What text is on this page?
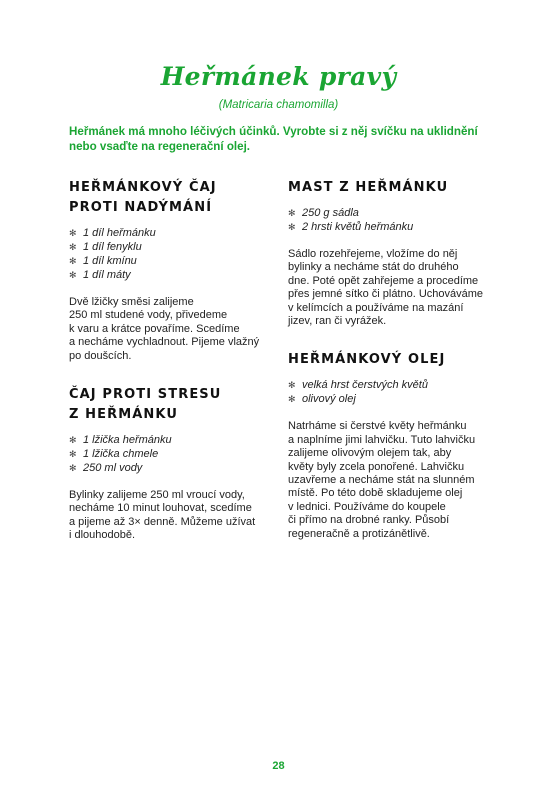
Heřmánek pravý
(Matricaria chamomilla)
Heřmánek má mnoho léčivých účinků. Vyrobte si z něj svíčku na uklidnění nebo vsaďte na regenerační olej.
HEŘMÁNKOVÝ ČAJ
PROTI NADÝMÁNÍ
✻ 1 díl heřmánku
✻ 1 díl fenyklu
✻ 1 díl kmínu
✻ 1 díl máty
Dvě lžičky směsi zalijeme
250 ml studené vody, přivedeme
k varu a krátce povaříme. Scedíme
a necháme vychladnout. Pijeme vlažný
po doušcích.
ČAJ PROTI STRESU
Z HEŘMÁNKU
✻ 1 lžička heřmánku
✻ 1 lžička chmele
✻ 250 ml vody
Bylinky zalijeme 250 ml vroucí vody,
necháme 10 minut louhovat, scedíme
a pijeme až 3× denně. Můžeme užívat
i dlouhodobě.
MAST Z HEŘMÁNKU
✻ 250 g sádla
✻ 2 hrsti květů heřmánku
Sádlo rozehřejeme, vložíme do něj
bylinky a necháme stát do druhého
dne. Poté opět zahřejeme a procedíme
přes jemné sítko či plátno. Uchováváme
v kelímcích a používáme na mazání
jizev, ran či vyrážek.
HEŘMÁNKOVÝ OLEJ
✻ velká hrst čerstvých květů
✻ olivový olej
Natrháme si čerstvé květy heřmánku
a naplníme jimi lahvičku. Tuto lahvičku
zalijeme olivovým olejem tak, aby
květy byly zcela ponořené. Lahvičku
uzavřeme a necháme stát na slunném
místě. Po této době skladujeme olej
v lednici. Používáme do koupele
či přímo na drobné ranky. Působí
regeneračně a protizánětlivě.
28
